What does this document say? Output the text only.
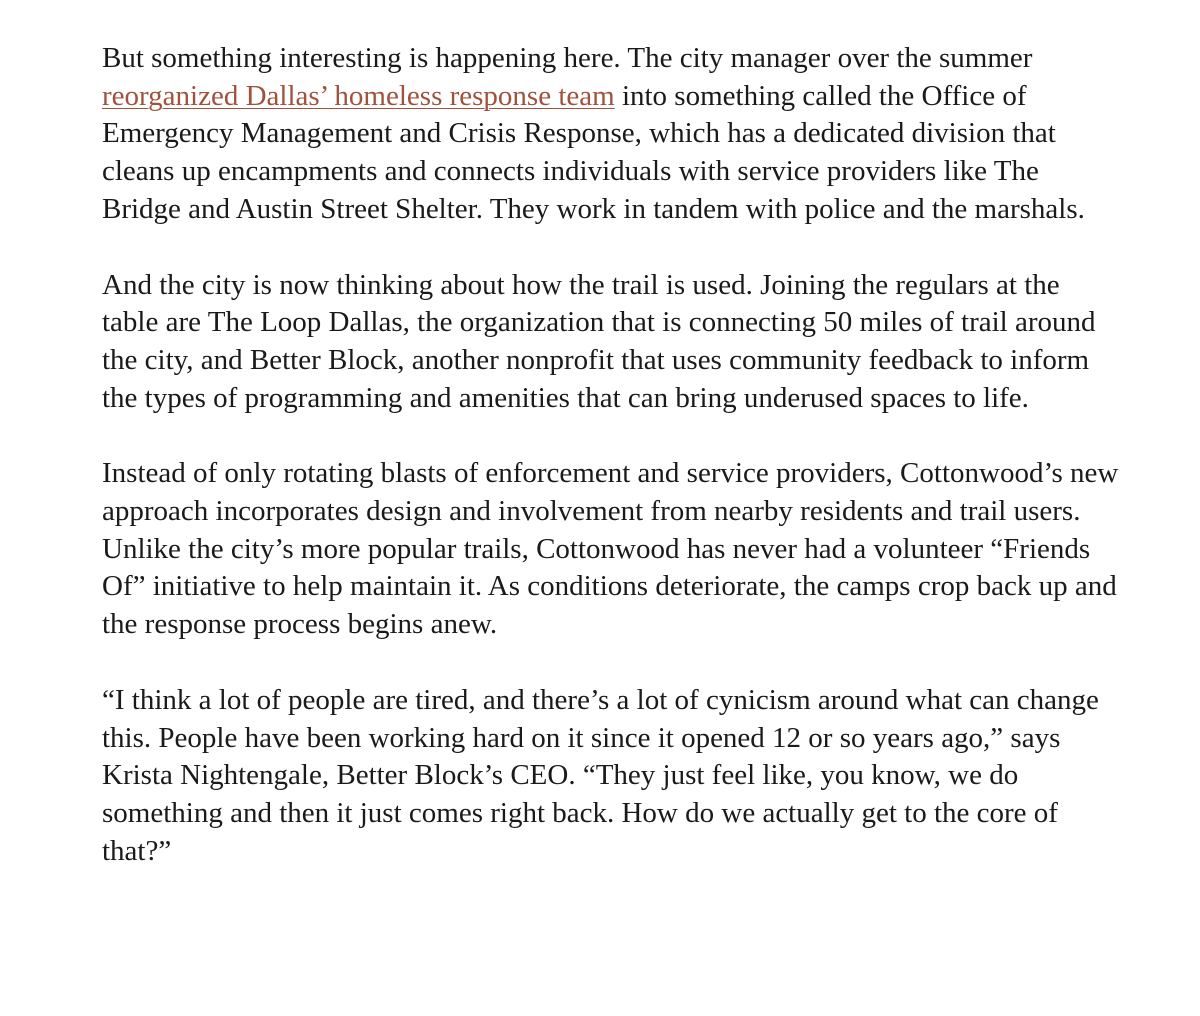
But something interesting is happening here. The city manager over the summer reorganized Dallas’ homeless response team into something called the Office of Emergency Management and Crisis Response, which has a dedicated division that cleans up encampments and connects individuals with service providers like The Bridge and Austin Street Shelter. They work in tandem with police and the marshals.

And the city is now thinking about how the trail is used. Joining the regulars at the table are The Loop Dallas, the organization that is connecting 50 miles of trail around the city, and Better Block, another nonprofit that uses community feedback to inform the types of programming and amenities that can bring underused spaces to life.

Instead of only rotating blasts of enforcement and service providers, Cottonwood’s new approach incorporates design and involvement from nearby residents and trail users. Unlike the city’s more popular trails, Cottonwood has never had a volunteer “Friends Of” initiative to help maintain it. As conditions deteriorate, the camps crop back up and the response process begins anew.

“I think a lot of people are tired, and there’s a lot of cynicism around what can change this. People have been working hard on it since it opened 12 or so years ago,” says Krista Nightengale, Better Block’s CEO. “They just feel like, you know, we do something and then it just comes right back. How do we actually get to the core of that?”
